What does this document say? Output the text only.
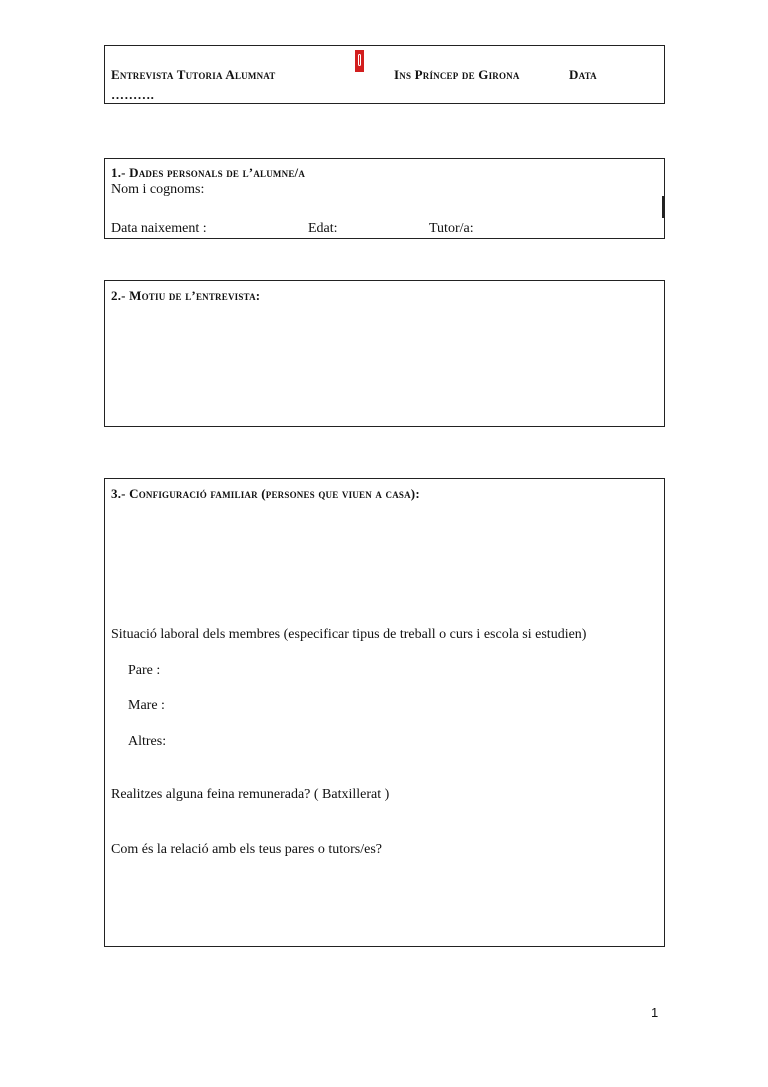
Entrevista Tutoria Alumnat	Ins Príncep de Girona	Data
……….
1.- Dades personals de l’alumne/a
Nom i cognoms:
Data naixement :	Edat:	Tutor/a:
2.- Motiu de l’entrevista:
3.- Configuració familiar (persones que viuen a casa):
Situació laboral dels membres (especificar tipus de treball o curs i escola si estudien)
Pare :
Mare :
Altres:
Realitzes alguna feina remunerada? ( Batxillerat )
Com és la relació amb els teus pares o tutors/es?
1
